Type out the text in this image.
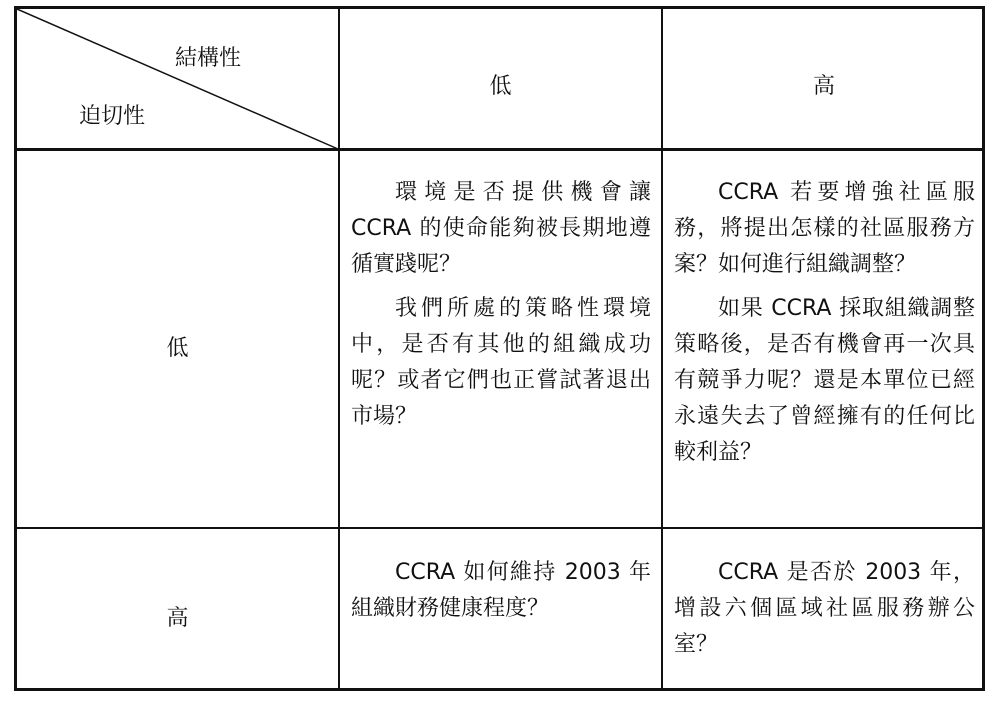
結構性
迫切性
低	高
低
高

環境是否提供機會讓 CCRA 的使命能夠被長期地遵循實踐呢？

我們所處的策略性環境中，是否有其他的組織成功呢？或者它們也正嘗試著退出市場？

CCRA 若要增強社區服務，將提出怎樣的社區服務方案？如何進行組織調整？

如果 CCRA 採取組織調整策略後，是否有機會再一次具有競爭力呢？還是本單位已經永遠失去了曾經擁有的任何比較利益？

CCRA 如何維持 2003 年組織財務健康程度？

CCRA 是否於 2003 年，增設六個區域社區服務辦公室？
